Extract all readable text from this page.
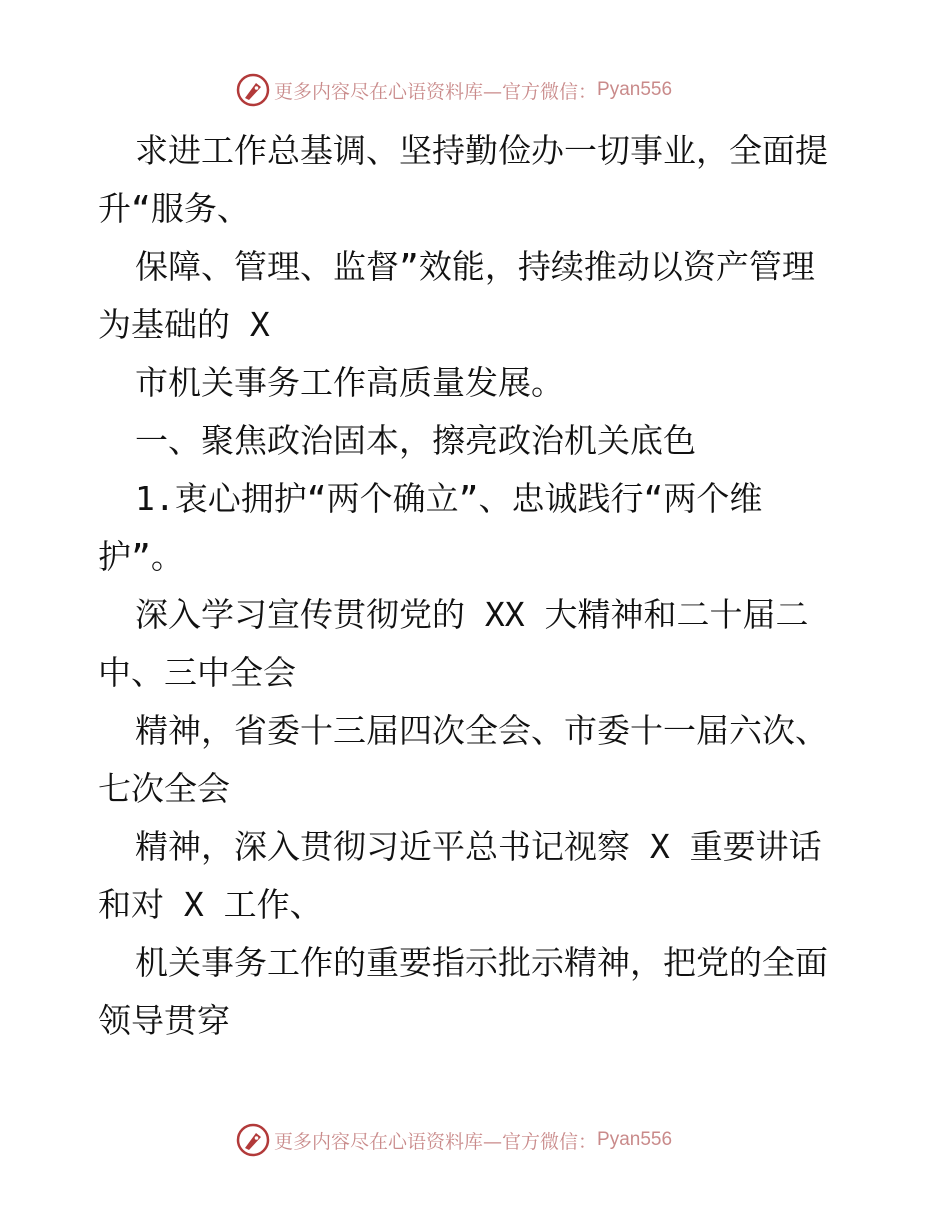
更多内容尽在心语资料库—官方微信： Pyan556
求进工作总基调、坚持勤俭办一切事业，全面提
升“服务、
保障、管理、监督”效能，持续推动以资产管理
为基础的 X
市机关事务工作高质量发展。
一、聚焦政治固本，擦亮政治机关底色
1.衷心拥护“两个确立”、忠诚践行“两个维
护”。
深入学习宣传贯彻党的 XX 大精神和二十届二
中、三中全会
精神，省委十三届四次全会、市委十一届六次、
七次全会
精神，深入贯彻习近平总书记视察 X 重要讲话
和对 X 工作、
机关事务工作的重要指示批示精神，把党的全面
领导贯穿
更多内容尽在心语资料库—官方微信： Pyan556
